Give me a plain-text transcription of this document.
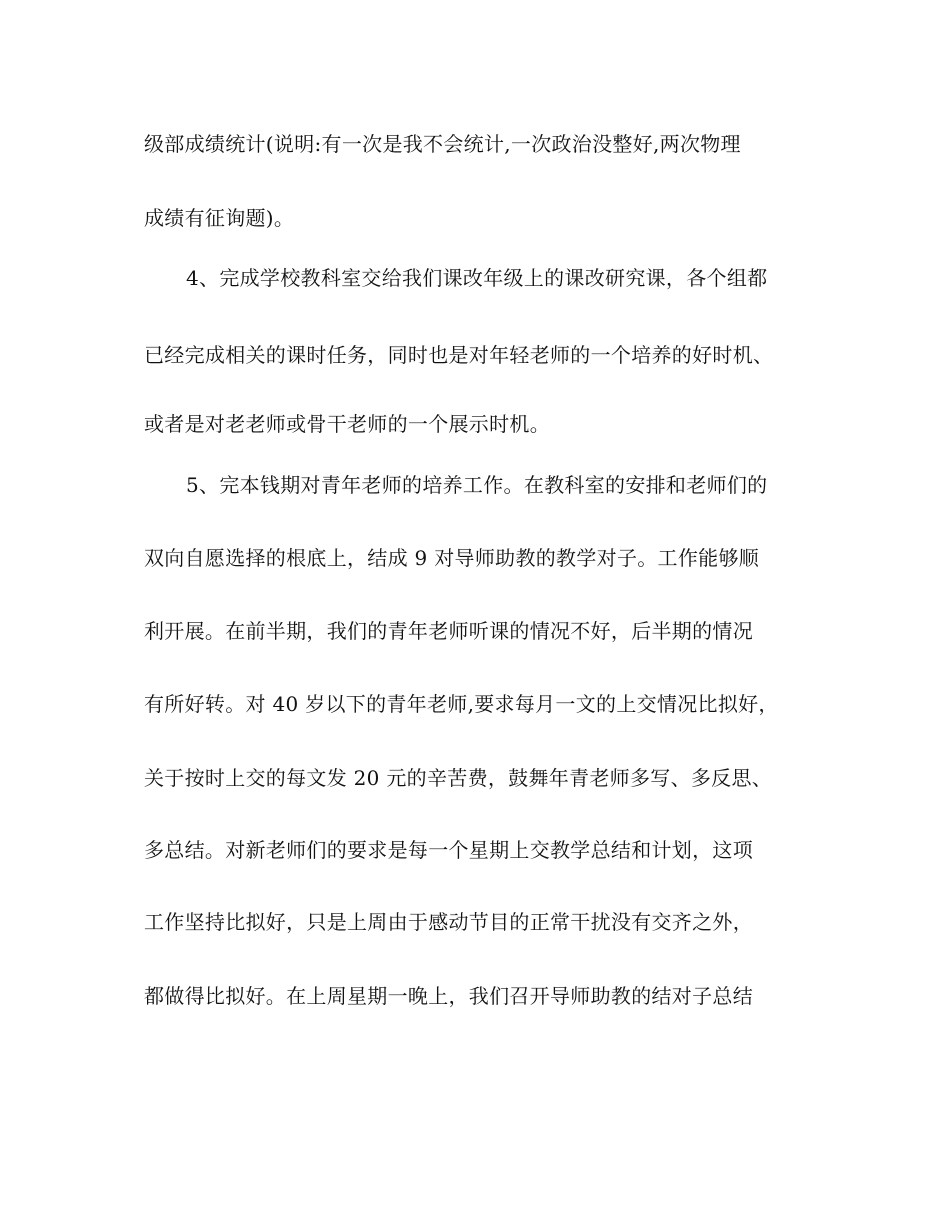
级部成绩统计(说明:有一次是我不会统计,一次政治没整好,两次物理

成绩有征询题)。

4、完成学校教科室交给我们课改年级上的课改研究课，各个组都

已经完成相关的课时任务，同时也是对年轻老师的一个培养的好时机、

或者是对老老师或骨干老师的一个展示时机。

5、完本钱期对青年老师的培养工作。在教科室的安排和老师们的

双向自愿选择的根底上，结成 9 对导师助教的教学对子。工作能够顺

利开展。在前半期，我们的青年老师听课的情况不好，后半期的情况

有所好转。对 40 岁以下的青年老师,要求每月一文的上交情况比拟好，

关于按时上交的每文发 20 元的辛苦费，鼓舞年青老师多写、多反思、

多总结。对新老师们的要求是每一个星期上交教学总结和计划，这项

工作坚持比拟好，只是上周由于感动节目的正常干扰没有交齐之外，

都做得比拟好。在上周星期一晚上，我们召开导师助教的结对子总结
